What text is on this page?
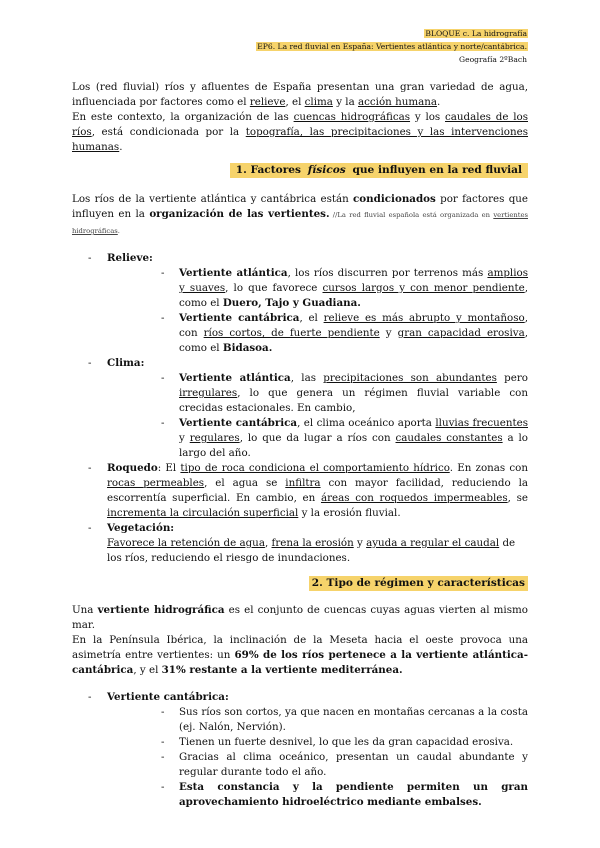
BLOQUE c. La hidrografía
EP6. La red fluvial en España: Vertientes atlántica y norte/cantábrica.
Geografía 2ºBach

Los (red fluvial) ríos y afluentes de España presentan una gran variedad de agua, influenciada por factores como el relieve, el clima y la acción humana.

En este contexto, la organización de las cuencas hidrográficas y los caudales de los ríos, está condicionada por la topografía, las precipitaciones y las intervenciones humanas.

1. Factores físicos que influyen en la red fluvial

Los ríos de la vertiente atlántica y cantábrica están condicionados por factores que influyen en la organización de las vertientes. //La red fluvial española está organizada en vertientes hidrográficas.

- Relieve:
- Vertiente atlántica, los ríos discurren por terrenos más amplios y suaves, lo que favorece cursos largos y con menor pendiente, como el Duero, Tajo y Guadiana.
- Vertiente cantábrica, el relieve es más abrupto y montañoso, con ríos cortos, de fuerte pendiente y gran capacidad erosiva, como el Bidasoa.
- Clima:
- Vertiente atlántica, las precipitaciones son abundantes pero irregulares, lo que genera un régimen fluvial variable con crecidas estacionales. En cambio,
- Vertiente cantábrica, el clima oceánico aporta lluvias frecuentes y regulares, lo que da lugar a ríos con caudales constantes a lo largo del año.
- Roquedo: El tipo de roca condiciona el comportamiento hídrico. En zonas con rocas permeables, el agua se infiltra con mayor facilidad, reduciendo la escorrentía superficial. En cambio, en áreas con roquedos impermeables, se incrementa la circulación superficial y la erosión fluvial.
- Vegetación:
Favorece la retención de agua, frena la erosión y ayuda a regular el caudal de los ríos, reduciendo el riesgo de inundaciones.

2. Tipo de régimen y características

Una vertiente hidrográfica es el conjunto de cuencas cuyas aguas vierten al mismo mar.

En la Península Ibérica, la inclinación de la Meseta hacia el oeste provoca una asimetría entre vertientes: un 69% de los ríos pertenece a la vertiente atlántica-cantábrica, y el 31% restante a la vertiente mediterránea.

- Vertiente cantábrica:
- Sus ríos son cortos, ya que nacen en montañas cercanas a la costa (ej. Nalón, Nervión).
- Tienen un fuerte desnivel, lo que les da gran capacidad erosiva.
- Gracias al clima oceánico, presentan un caudal abundante y regular durante todo el año.
- Esta constancia y la pendiente permiten un gran aprovechamiento hidroeléctrico mediante embalses.
